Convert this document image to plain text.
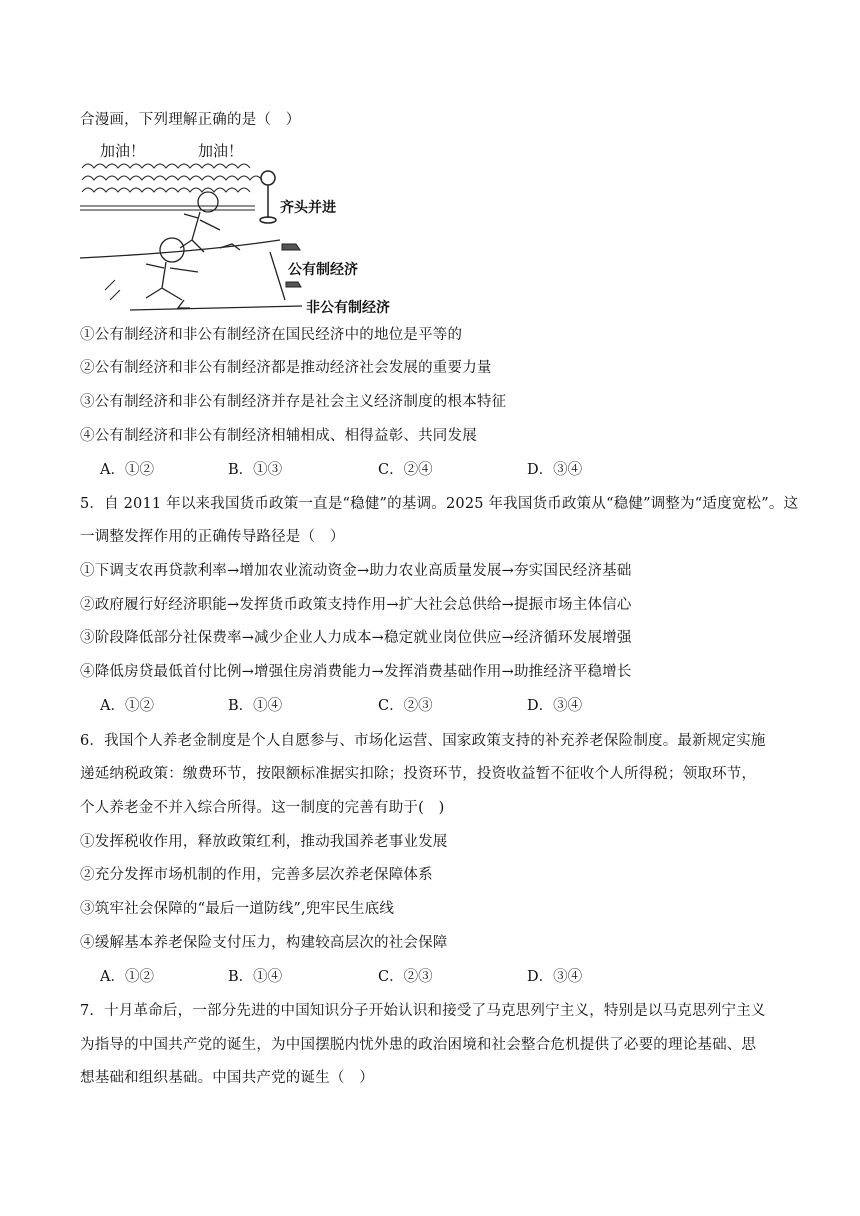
合漫画，下列理解正确的是（　）
加油！	加油！
齐头并进
公有制经济
非公有制经济
①公有制经济和非公有制经济在国民经济中的地位是平等的
②公有制经济和非公有制经济都是推动经济社会发展的重要力量
③公有制经济和非公有制经济并存是社会主义经济制度的根本特征
④公有制经济和非公有制经济相辅相成、相得益彰、共同发展
A．①②	B．①③	C．②④	D．③④
5．自 2011 年以来我国货币政策一直是“稳健”的基调。2025 年我国货币政策从“稳健”调整为“适度宽松”。这
一调整发挥作用的正确传导路径是（　）
①下调支农再贷款利率→增加农业流动资金→助力农业高质量发展→夯实国民经济基础
②政府履行好经济职能→发挥货币政策支持作用→扩大社会总供给→提振市场主体信心
③阶段降低部分社保费率→减少企业人力成本→稳定就业岗位供应→经济循环发展增强
④降低房贷最低首付比例→增强住房消费能力→发挥消费基础作用→助推经济平稳增长
A．①②	B．①④	C．②③	D．③④
6．我国个人养老金制度是个人自愿参与、市场化运营、国家政策支持的补充养老保险制度。最新规定实施
递延纳税政策：缴费环节，按限额标准据实扣除；投资环节，投资收益暂不征收个人所得税；领取环节，
个人养老金不并入综合所得。这一制度的完善有助于(　)
①发挥税收作用，释放政策红利，推动我国养老事业发展
②充分发挥市场机制的作用，完善多层次养老保障体系
③筑牢社会保障的“最后一道防线”,兜牢民生底线
④缓解基本养老保险支付压力，构建较高层次的社会保障
A．①②	B．①④	C．②③	D．③④
7．十月革命后，一部分先进的中国知识分子开始认识和接受了马克思列宁主义，特别是以马克思列宁主义
为指导的中国共产党的诞生，为中国摆脱内忧外患的政治困境和社会整合危机提供了必要的理论基础、思
想基础和组织基础。中国共产党的诞生（　）
